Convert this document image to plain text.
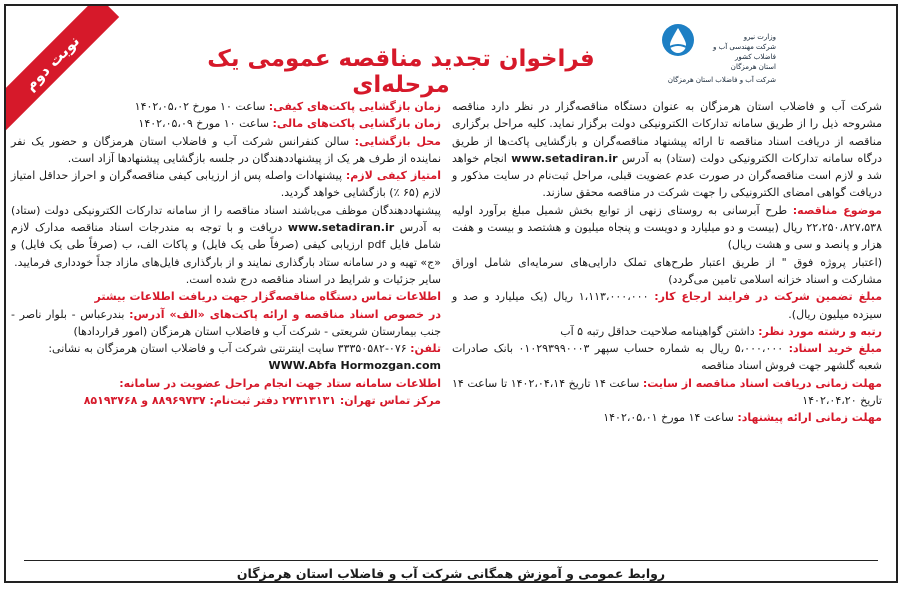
نوبت دوم	وزارت نیرو
شرکت مهندسی آب و فاضلاب کشور
استان هرمزگان
شرکت آب و فاضلاب استان هرمزگان
فراخوان تجدید مناقصه عمومی یک مرحله‌ای

شرکت آب و فاضلاب استان هرمزگان به عنوان دستگاه مناقصه‌گزار در نظر دارد مناقصه مشروحه ذیل را از طریق سامانه تدارکات الکترونیکی دولت برگزار نماید. کلیه مراحل برگزاری مناقصه از دریافت اسناد مناقصه تا ارائه پیشنهاد مناقصه‌گران و بازگشایی پاکت‌ها از طریق درگاه سامانه تدارکات الکترونیکی دولت (ستاد) به آدرس www.setadiran.ir انجام خواهد شد و لازم است مناقصه‌گران در صورت عدم عضویت قبلی، مراحل ثبت‌نام در سایت مذکور و دریافت گواهی امضای الکترونیکی را جهت شرکت در مناقصه محقق سازند.

موضوع مناقصه: طرح آبرسانی به روستای زنهی از توابع بخش شمیل مبلغ برآورد اولیه ۲۲،۲۵۰،۸۲۷،۵۳۸ ریال (بیست و دو میلیارد و دویست و پنجاه میلیون و هشتصد و بیست و هفت هزار و پانصد و سی و هشت ریال)

(اعتبار پروژه فوق " از طریق اعتبار طرح‌های تملک دارایی‌های سرمایه‌ای شامل اوراق مشارکت و اسناد خزانه اسلامی تامین می‌گردد)

مبلغ تضمین شرکت در فرایند ارجاع کار: ۱،۱۱۳،۰۰۰،۰۰۰ ریال (یک میلیارد و صد و سیزده میلیون ریال).

رتبه و رشته مورد نظر: داشتن گواهینامه صلاحیت حداقل رتبه ۵ آب

مبلغ خرید اسناد: ۵،۰۰۰،۰۰۰ ریال به شماره حساب سپهر ۰۱۰۲۹۳۹۹۰۰۰۳ بانک صادرات شعبه گلشهر جهت فروش اسناد مناقصه

مهلت زمانی دریافت اسناد مناقصه از سایت: ساعت ۱۴ تاریخ ۱۴۰۲،۰۴،۱۴ تا ساعت ۱۴ تاریخ ۱۴۰۲،۰۴،۲۰

مهلت زمانی ارائه پیشنهاد: ساعت ۱۴ مورخ ۱۴۰۲،۰۵،۰۱

زمان بازگشایی پاکت‌های کیفی: ساعت ۱۰ مورخ ۱۴۰۲،۰۵،۰۲

زمان بازگشایی پاکت‌های مالی: ساعت ۱۰ مورخ ۱۴۰۲،۰۵،۰۹

محل بازگشایی: سالن کنفرانس شرکت آب و فاضلاب استان هرمزگان و حضور یک نفر نماینده از طرف هر یک از پیشنهاددهندگان در جلسه بازگشایی پیشنهادها آزاد است.

امتیاز کیفی لازم: پیشنهادات واصله پس از ارزیابی کیفی مناقصه‌گران و احراز حداقل امتیاز لازم (۶۵ ٪) بازگشایی خواهد گردید.

پیشنهاددهندگان موظف می‌باشند اسناد مناقصه را از سامانه تدارکات الکترونیکی دولت (ستاد) به آدرس www.setadiran.ir دریافت و با توجه به مندرجات اسناد مناقصه مدارک لازم شامل فایل pdf ارزیابی کیفی (صرفاً طی یک فایل) و پاکات الف، ب (صرفاً طی یک فایل) و «ج» تهیه و در سامانه ستاد بارگذاری نمایند و از بارگذاری فایل‌های مازاد جداً خودداری فرمایید.

سایر جزئیات و شرایط در اسناد مناقصه درج شده است.

اطلاعات تماس دستگاه مناقصه‌گزار جهت دریافت اطلاعات بیشتر

در خصوص اسناد مناقصه و ارائه پاکت‌های «الف» آدرس: بندرعباس - بلوار ناصر - جنب بیمارستان شریعتی - شرکت آب و فاضلاب استان هرمزگان (امور قراردادها)

تلفن: ۰۷۶-۳۳۳۵۰۵۸۲ سایت اینترنتی شرکت آب و فاضلاب استان هرمزگان به نشانی:

WWW.Abfa Hormozgan.com

اطلاعات سامانه ستاد جهت انجام مراحل عضویت در سامانه:

مرکز تماس تهران: ۲۷۳۱۳۱۳۱ دفتر ثبت‌نام: ۸۸۹۶۹۷۳۷ و ۸۵۱۹۳۷۶۸

روابط عمومی و آموزش همگانی شرکت آب و فاضلاب استان هرمزگان
